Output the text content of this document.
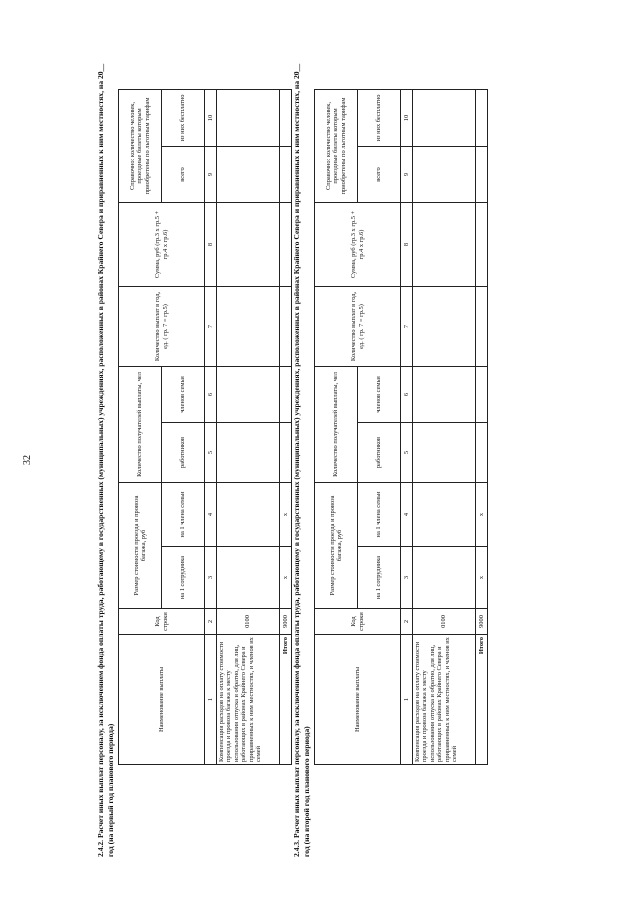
32	2.4.2. Расчет иных выплат персоналу, за исключением фонда оплаты труда, работающему в государственных (муниципальных) учреждениях, расположенных в районах Крайнего Севера и приравненных к ним местностях, на 20__ год (на первый год планового периода)
Наименование выплаты	Код строки	Размер стоимости проезда и провоза багажа, руб		Количество получателей выплаты, чел		Количество выплат в год, ед. ( гр. 7 = гр.5)	Сумма, руб (гр.3 х гр.5 + гр.4 х гр.6)	Справочно: количество человек, проездные билеты которым приобретены по льготным тарифам	
		на 1 сотрудника	на 1 члена семьи	работников	членов семьи			всего	из них бесплатно

1	2	3	4	5	6	7	8	9	10
Компенсация расходов на оплату стоимости проезда и провоза багажа к месту использования отпуска и обратно, для лиц, работающих в районах Крайнего Севера и приравненных к ним местностях, и членов их семей	0100								
Итого	9000	х	х						2.4.3. Расчет иных выплат персоналу, за исключением фонда оплаты труда, работающему в государственных (муниципальных) учреждениях, расположенных в районах Крайнего Севера и приравненных к ним местностях, на 20__ год (на второй год планового периода)
Наименование выплаты	Код строки	Размер стоимости проезда и провоза багажа, руб		Количество получателей выплаты, чел		Количество выплат в год, ед. ( гр. 7 = гр.5)	Сумма, руб (гр.3 х гр.5 + гр.4 х гр.6)	Справочно: количество человек, проездные билеты которым приобретены по льготным тарифам	
		на 1 сотрудника	на 1 члена семьи	работников	членов семьи			всего	из них бесплатно

1	2	3	4	5	6	7	8	9	10
Компенсация расходов на оплату стоимости проезда и провоза багажа к месту использования отпуска и обратно, для лиц, работающих в районах Крайнего Севера и приравненных к ним местностях, и членов их семей	0100								
Итого	9000	х	х						
